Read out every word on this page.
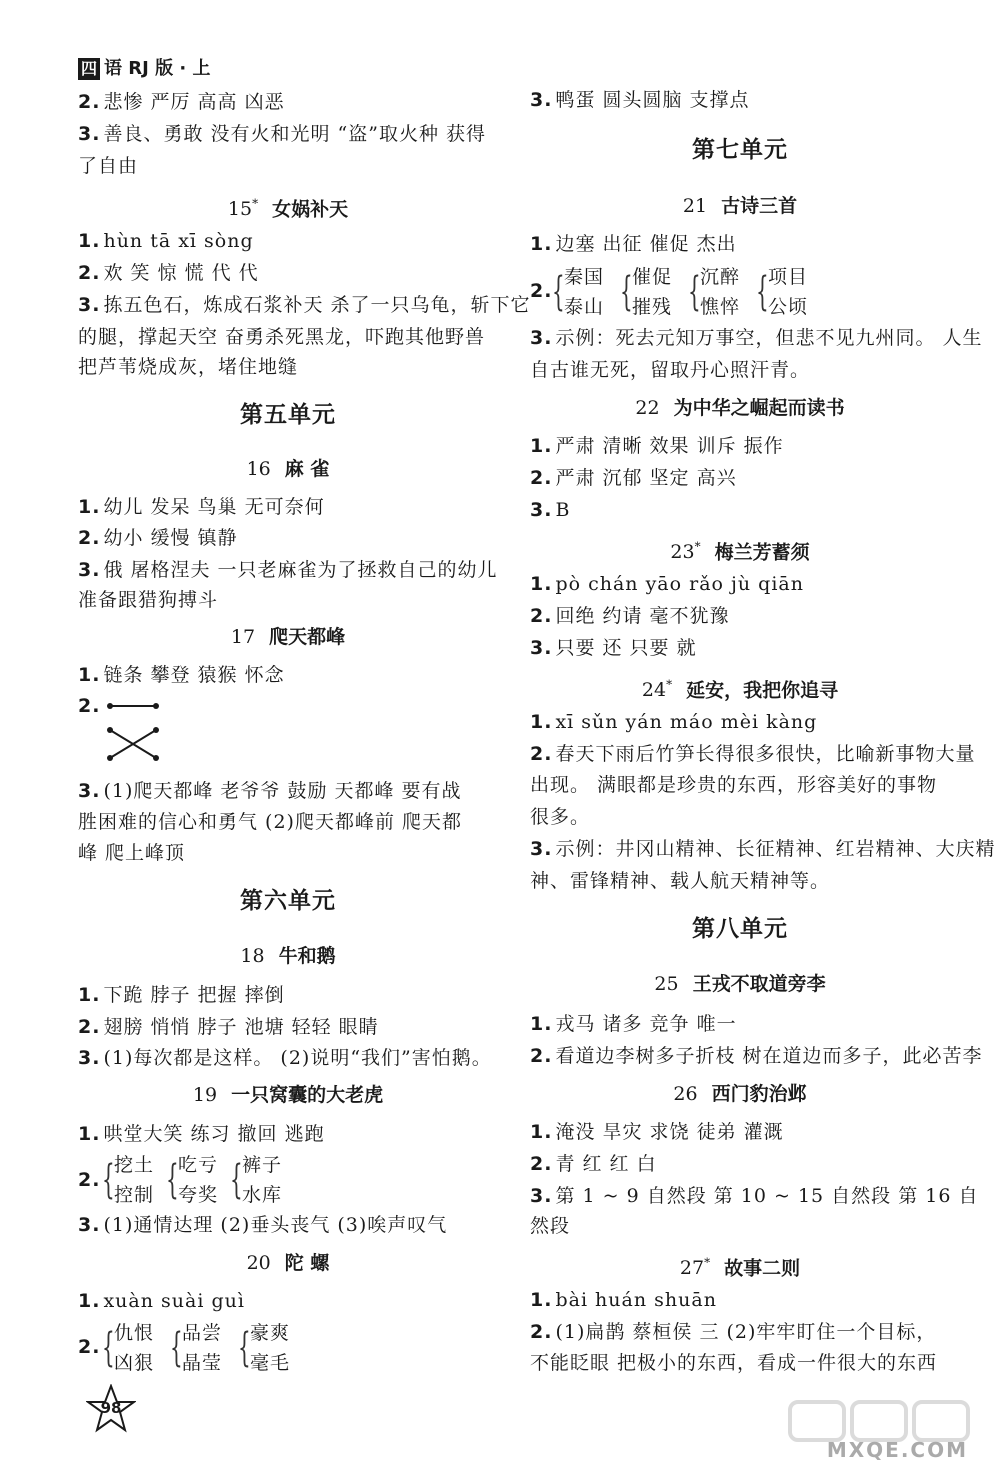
四 语 RJ 版 · 上
2. 悲惨 严厉 高高 凶恶
3. 善良、勇敢 没有火和光明 “盗”取火种 获得
了自由
15* 女娲补天
1. hùn tā xī sòng
2. 欢 笑 惊 慌 代 代
3. 拣五色石，炼成石浆补天 杀了一只乌龟，斩下它
的腿，撑起天空 奋勇杀死黑龙，吓跑其他野兽
把芦苇烧成灰，堵住地缝
第五单元
16 麻 雀
1. 幼儿 发呆 鸟巢 无可奈何
2. 幼小 缓慢 镇静
3. 俄 屠格涅夫 一只老麻雀为了拯救自己的幼儿
准备跟猎狗搏斗
17 爬天都峰
1. 链条 攀登 猿猴 怀念
2.
3. (1)爬天都峰 老爷爷 鼓励 天都峰 要有战
胜困难的信心和勇气 (2)爬天都峰前 爬天都
峰 爬上峰顶
第六单元
18 牛和鹅
1. 下跪 脖子 把握 摔倒
2. 翅膀 悄悄 脖子 池塘 轻轻 眼睛
3. (1)每次都是这样。 (2)说明“我们”害怕鹅。
19 一只窝囊的大老虎
1. 哄堂大笑 练习 撤回 逃跑
2. { 挖土
控制 { 吃亏
夸奖 { 裤子
水库
3. (1)通情达理 (2)垂头丧气 (3)唉声叹气
20 陀 螺
1. xuàn suài guì
2. { 仇恨
凶狠 { 品尝
晶莹 { 豪爽
毫毛
3. 鸭蛋 圆头圆脑 支撑点
第七单元
21 古诗三首
1. 边塞 出征 催促 杰出
2. { 秦国
泰山 { 催促
摧残 { 沉醉
憔悴 { 项目
公顷
3. 示例：死去元知万事空，但悲不见九州同。 人生
自古谁无死，留取丹心照汗青。
22 为中华之崛起而读书
1. 严肃 清晰 效果 训斥 振作
2. 严肃 沉郁 坚定 高兴
3. B
23* 梅兰芳蓄须
1. pò chán yāo rǎo jù qiān
2. 回绝 约请 毫不犹豫
3. 只要 还 只要 就
24* 延安，我把你追寻
1. xī sǔn yán máo mèi kàng
2. 春天下雨后竹笋长得很多很快，比喻新事物大量
出现。 满眼都是珍贵的东西，形容美好的事物
很多。
3. 示例：井冈山精神、长征精神、红岩精神、大庆精
神、雷锋精神、载人航天精神等。
第八单元
25 王戎不取道旁李
1. 戎马 诸多 竞争 唯一
2. 看道边李树多子折枝 树在道边而多子，此必苦李
26 西门豹治邺
1. 淹没 旱灾 求饶 徒弟 灌溉
2. 青 红 红 白
3. 第 1 ~ 9 自然段 第 10 ~ 15 自然段 第 16 自
然段
27* 故事二则
1. bài huán shuān
2. (1)扁鹊 蔡桓侯 三 (2)牢牢盯住一个目标，
不能眨眼 把极小的东西，看成一件很大的东西
98
MXQE.COM
